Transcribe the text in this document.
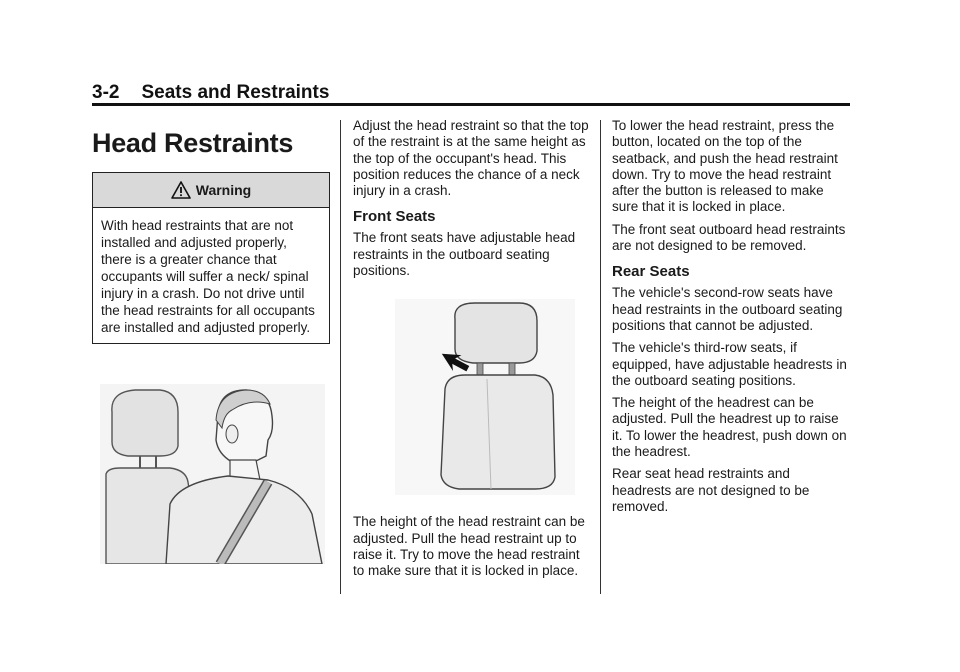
3-2 Seats and Restraints
Head Restraints
Warning

With head restraints that are not installed and adjusted properly, there is a greater chance that occupants will suffer a neck/ spinal injury in a crash. Do not drive until the head restraints for all occupants are installed and adjusted properly.

Adjust the head restraint so that the top of the restraint is at the same height as the top of the occupant's head. This position reduces the chance of a neck injury in a crash.

Front Seats

The front seats have adjustable head restraints in the outboard seating positions.

The height of the head restraint can be adjusted. Pull the head restraint up to raise it. Try to move the head restraint to make sure that it is locked in place.

To lower the head restraint, press the button, located on the top of the seatback, and push the head restraint down. Try to move the head restraint after the button is released to make sure that it is locked in place.

The front seat outboard head restraints are not designed to be removed.

Rear Seats

The vehicle's second-row seats have head restraints in the outboard seating positions that cannot be adjusted.

The vehicle's third-row seats, if equipped, have adjustable headrests in the outboard seating positions.

The height of the headrest can be adjusted. Pull the headrest up to raise it. To lower the headrest, push down on the headrest.

Rear seat head restraints and headrests are not designed to be removed.
